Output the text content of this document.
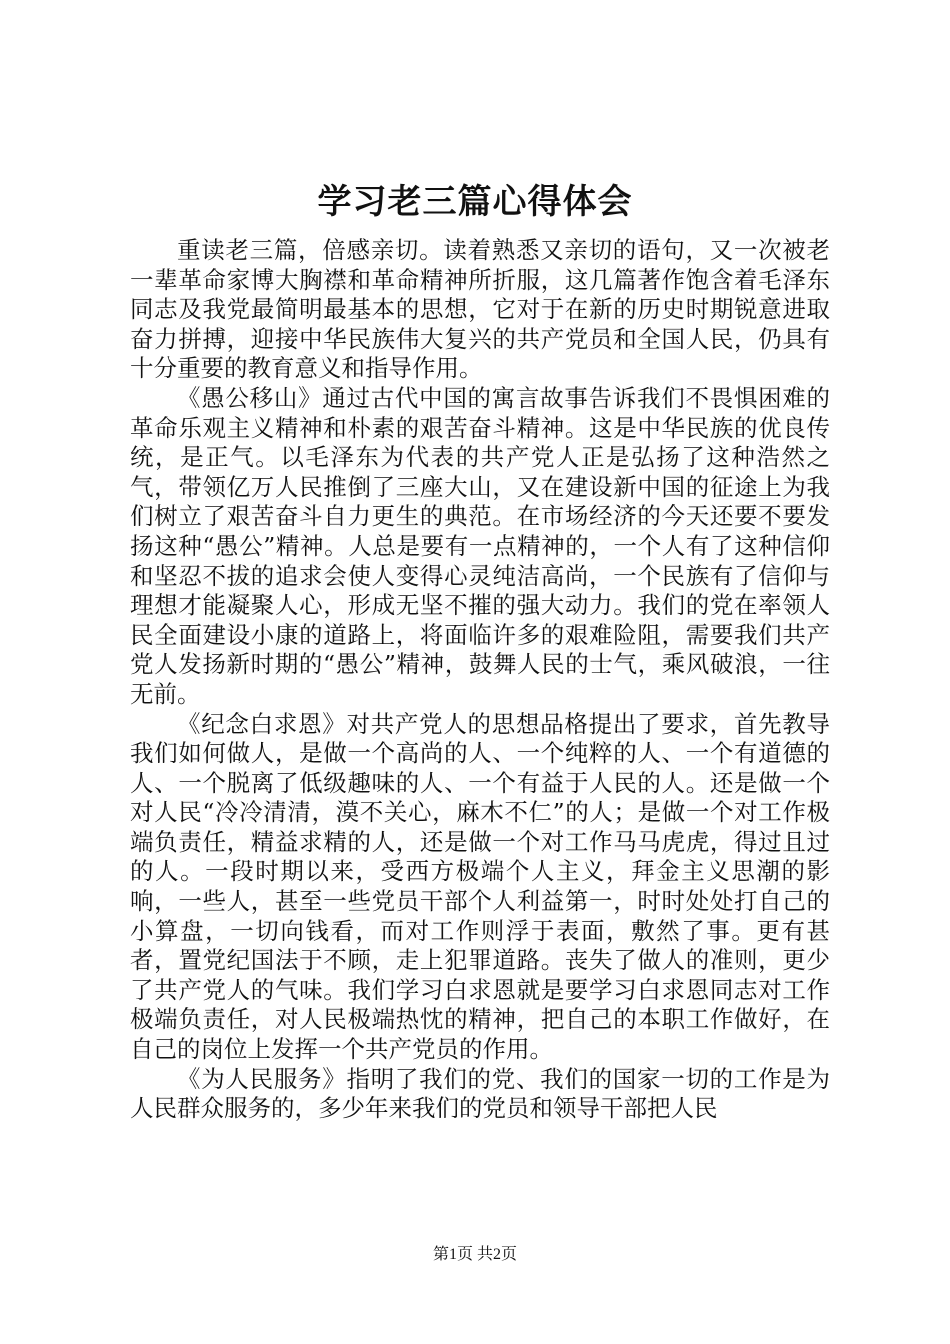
学习老三篇心得体会

重读老三篇，倍感亲切。读着熟悉又亲切的语句，又一次被老一辈革命家博大胸襟和革命精神所折服，这几篇著作饱含着毛泽东同志及我党最简明最基本的思想，它对于在新的历史时期锐意进取奋力拼搏，迎接中华民族伟大复兴的共产党员和全国人民，仍具有十分重要的教育意义和指导作用。

《愚公移山》通过古代中国的寓言故事告诉我们不畏惧困难的革命乐观主义精神和朴素的艰苦奋斗精神。这是中华民族的优良传统，是正气。以毛泽东为代表的共产党人正是弘扬了这种浩然之气，带领亿万人民推倒了三座大山，又在建设新中国的征途上为我们树立了艰苦奋斗自力更生的典范。在市场经济的今天还要不要发扬这种“愚公”精神。人总是要有一点精神的，一个人有了这种信仰和坚忍不拔的追求会使人变得心灵纯洁高尚，一个民族有了信仰与理想才能凝聚人心，形成无坚不摧的强大动力。我们的党在率领人民全面建设小康的道路上，将面临许多的艰难险阻，需要我们共产党人发扬新时期的“愚公”精神，鼓舞人民的士气，乘风破浪，一往无前。

《纪念白求恩》对共产党人的思想品格提出了要求，首先教导我们如何做人，是做一个高尚的人、一个纯粹的人、一个有道德的人、一个脱离了低级趣味的人、一个有益于人民的人。还是做一个对人民“冷冷清清，漠不关心，麻木不仁”的人；是做一个对工作极端负责任，精益求精的人，还是做一个对工作马马虎虎，得过且过的人。一段时期以来，受西方极端个人主义，拜金主义思潮的影响，一些人，甚至一些党员干部个人利益第一，时时处处打自己的小算盘，一切向钱看，而对工作则浮于表面，敷然了事。更有甚者，置党纪国法于不顾，走上犯罪道路。丧失了做人的准则，更少了共产党人的气味。我们学习白求恩就是要学习白求恩同志对工作极端负责任，对人民极端热忱的精神，把自己的本职工作做好，在自己的岗位上发挥一个共产党员的作用。

《为人民服务》指明了我们的党、我们的国家一切的工作是为人民群众服务的，多少年来我们的党员和领导干部把人民

第1页 共2页
